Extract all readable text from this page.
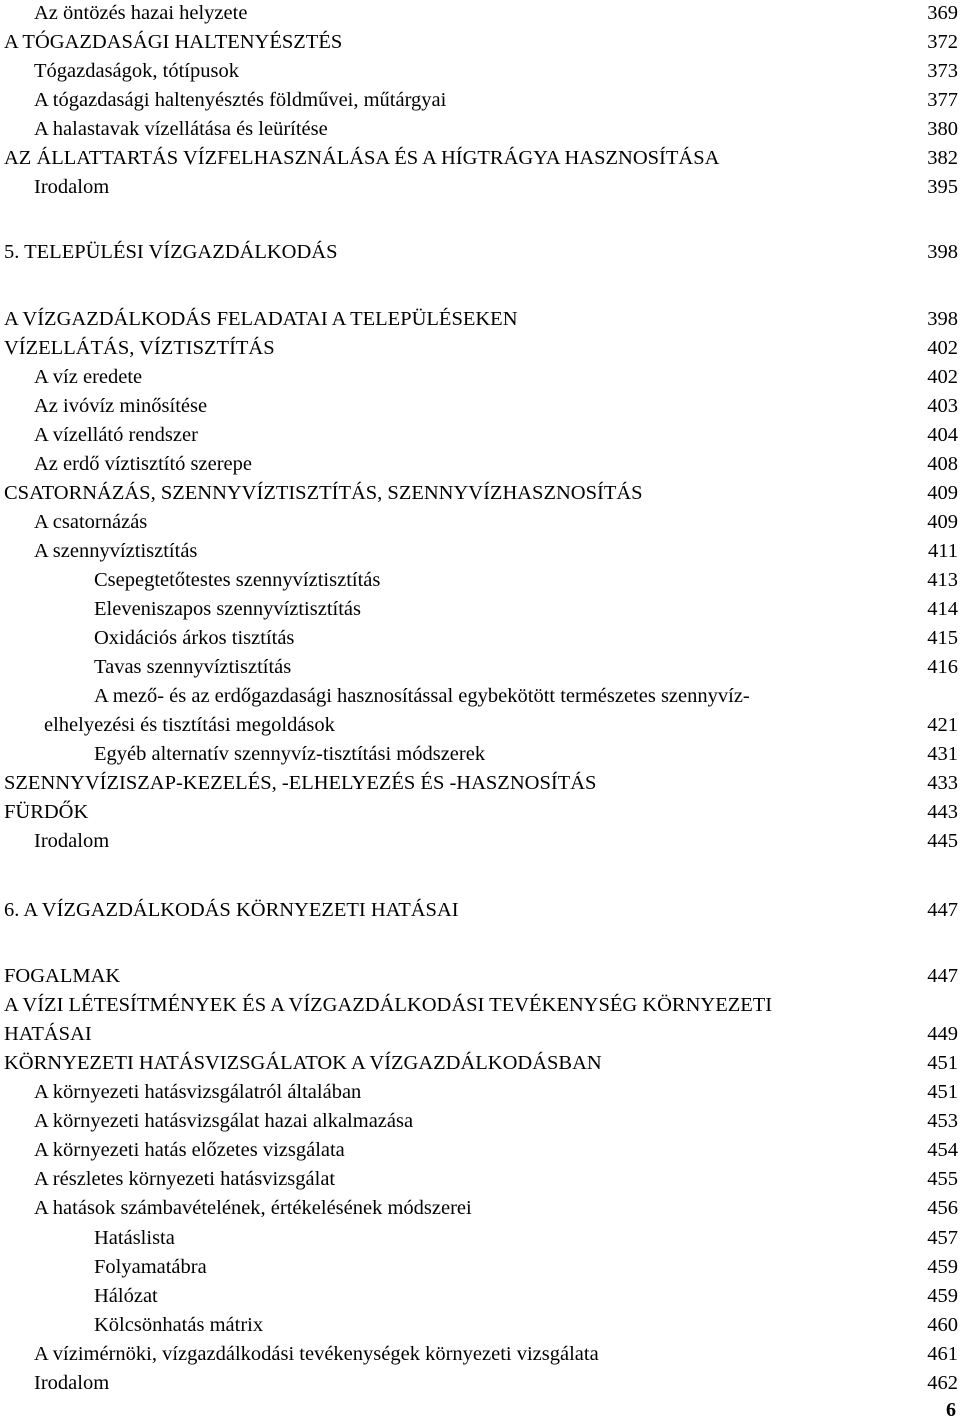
Az öntözés hazai helyzete	369
A TÓGAZDASÁGI HALTENYÉSZTÉS	372
Tógazdaságok, tótípusok	373
A tógazdasági haltenyésztés földművei, műtárgyai	377
A halastavak vízellátása és leürítése	380
AZ ÁLLATTARTÁS VÍZFELHASZNÁLÁSA ÉS A HÍGTRÁGYA HASZNOSÍTÁSA	382
Irodalom	395
5. TELEPÜLÉSI VÍZGAZDÁLKODÁS	398
A VÍZGAZDÁLKODÁS FELADATAI A TELEPÜLÉSEKEN	398
VÍZELLÁTÁS, VÍZTISZTÍTÁS	402
A víz eredete	402
Az ivóvíz minősítése	403
A vízellátó rendszer	404
Az erdő víztisztító szerepe	408
CSATORNÁZÁS, SZENNYVÍZTISZTÍTÁS, SZENNYVÍZHASZNOSÍTÁS	409
A csatornázás	409
A szennyvíztisztítás	411
Csepegtetőtestes szennyvíztisztítás	413
Eleveniszapos szennyvíztisztítás	414
Oxidációs árkos tisztítás	415
Tavas szennyvíztisztítás	416
A mező- és az erdőgazdasági hasznosítással egybekötött természetes szennyvíz-
elhelyezési és tisztítási megoldások	421
Egyéb alternatív szennyvíz-tisztítási módszerek	431
SZENNYVÍZISZAP-KEZELÉS, -ELHELYEZÉS ÉS -HASZNOSÍTÁS	433
FÜRDŐK	443
Irodalom	445
6. A VÍZGAZDÁLKODÁS KÖRNYEZETI HATÁSAI	447
FOGALMAK	447
A VÍZI LÉTESÍTMÉNYEK ÉS A VÍZGAZDÁLKODÁSI TEVÉKENYSÉG KÖRNYEZETI
HATÁSAI	449
KÖRNYEZETI HATÁSVIZSGÁLATOK A VÍZGAZDÁLKODÁSBAN	451
A környezeti hatásvizsgálatról általában	451
A környezeti hatásvizsgálat hazai alkalmazása	453
A környezeti hatás előzetes vizsgálata	454
A részletes környezeti hatásvizsgálat	455
A hatások számbavételének, értékelésének módszerei	456
Hatáslista	457
Folyamatábra	459
Hálózat	459
Kölcsönhatás mátrix	460
A vízimérnöki, vízgazdálkodási tevékenységek környezeti vizsgálata	461
Irodalom	462
6
